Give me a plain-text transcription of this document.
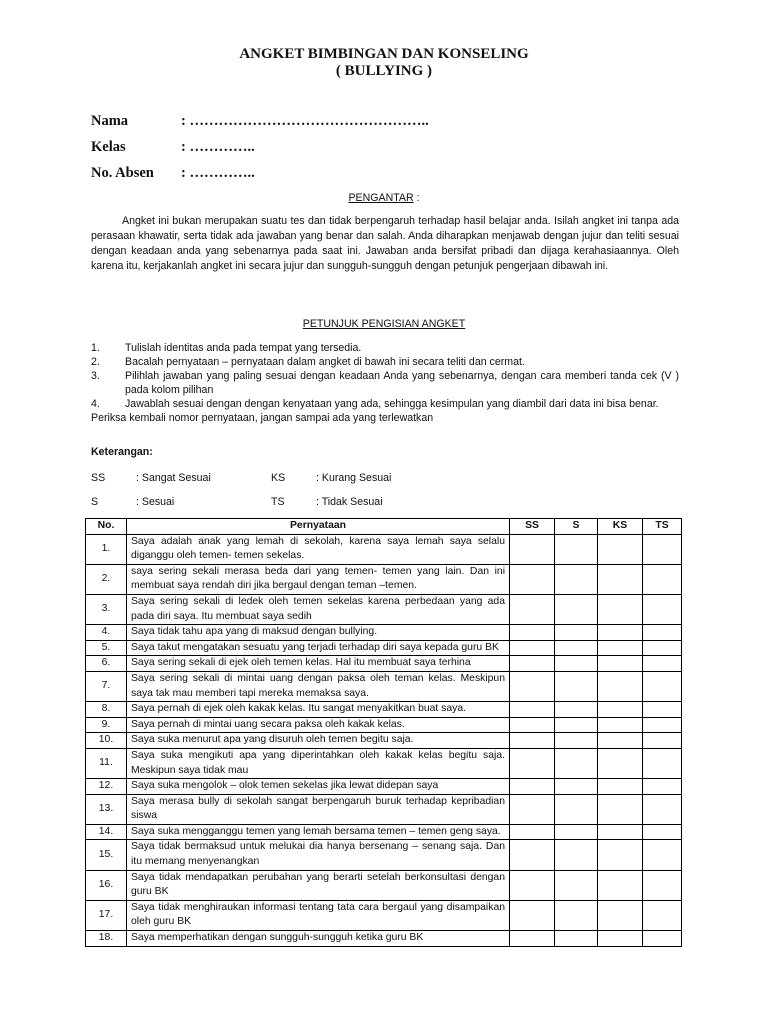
ANGKET BIMBINGAN DAN KONSELING
( BULLYING )
Nama	: …………………………………………..
Kelas	: …………..
No. Absen : …………..
PENGANTAR :

Angket ini bukan merupakan suatu tes dan tidak berpengaruh terhadap hasil belajar anda. Isilah angket ini tanpa ada perasaan khawatir, serta tidak ada jawaban yang benar dan salah. Anda diharapkan menjawab dengan jujur dan teliti sesuai dengan keadaan anda yang sebenarnya pada saat ini. Jawaban anda bersifat pribadi dan dijaga kerahasiaannya. Oleh karena itu, kerjakanlah angket ini secara jujur dan sungguh-sungguh dengan petunjuk pengerjaan dibawah ini.

PETUNJUK PENGISIAN ANGKET
1. Tulislah identitas anda pada tempat yang tersedia.
2. Bacalah pernyataan – pernyataan dalam angket di bawah ini secara teliti dan cermat.
3. Pilihlah jawaban yang paling sesuai dengan keadaan Anda yang sebenarnya, dengan cara memberi tanda cek (V ) pada kolom pilihan
4. Jawablah sesuai dengan dengan kenyataan yang ada, sehingga kesimpulan yang diambil dari data ini bisa benar.
Periksa kembali nomor pernyataan, jangan sampai ada yang terlewatkan
Keterangan:
SS	: Sangat Sesuai	KS	: Kurang Sesuai
S	: Sesuai	TS	: Tidak Sesuai
No.	Pernyataan	SS	S	KS	TS
1.	Saya adalah anak yang lemah di sekolah, karena saya lemah saya selalu diganggu oleh temen- temen sekelas.				
2.	saya sering sekali merasa beda dari yang temen- temen yang lain. Dan ini membuat saya rendah diri jika bergaul dengan teman –temen.				
3.	Saya sering sekali di ledek oleh temen sekelas karena perbedaan yang ada pada diri saya. Itu membuat saya sedih				
4.	Saya tidak tahu apa yang di maksud dengan bullying.				
5.	Saya takut mengatakan sesuatu yang terjadi terhadap diri saya kepada guru BK				
6.	Saya sering sekali di ejek oleh temen kelas. Hal itu membuat saya terhina				
7.	Saya sering sekali di mintai uang dengan paksa oleh teman kelas. Meskipun saya tak mau memberi tapi mereka memaksa saya.				
8.	Saya pernah di ejek oleh kakak kelas. Itu sangat menyakitkan buat saya.				
9.	Saya pernah di mintai uang secara paksa oleh kakak kelas.				
10.	Saya suka menurut apa yang disuruh oleh temen begitu saja.				
11.	Saya suka mengikuti apa yang diperintahkan oleh kakak kelas begitu saja. Meskipun saya tidak mau				
12.	Saya suka mengolok – olok temen sekelas jika lewat didepan saya				
13.	Saya merasa bully di sekolah sangat berpengaruh buruk terhadap kepribadian siswa				
14.	Saya suka mengganggu temen yang lemah bersama temen – temen geng saya.				
15.	Saya tidak bermaksud untuk melukai dia hanya bersenang – senang saja. Dan itu memang menyenangkan				
16.	Saya tidak mendapatkan perubahan yang berarti setelah berkonsultasi dengan guru BK				
17.	Saya tidak menghiraukan informasi tentang tata cara bergaul yang disampaikan oleh guru BK				
18.	Saya memperhatikan dengan sungguh-sungguh ketika guru BK				
